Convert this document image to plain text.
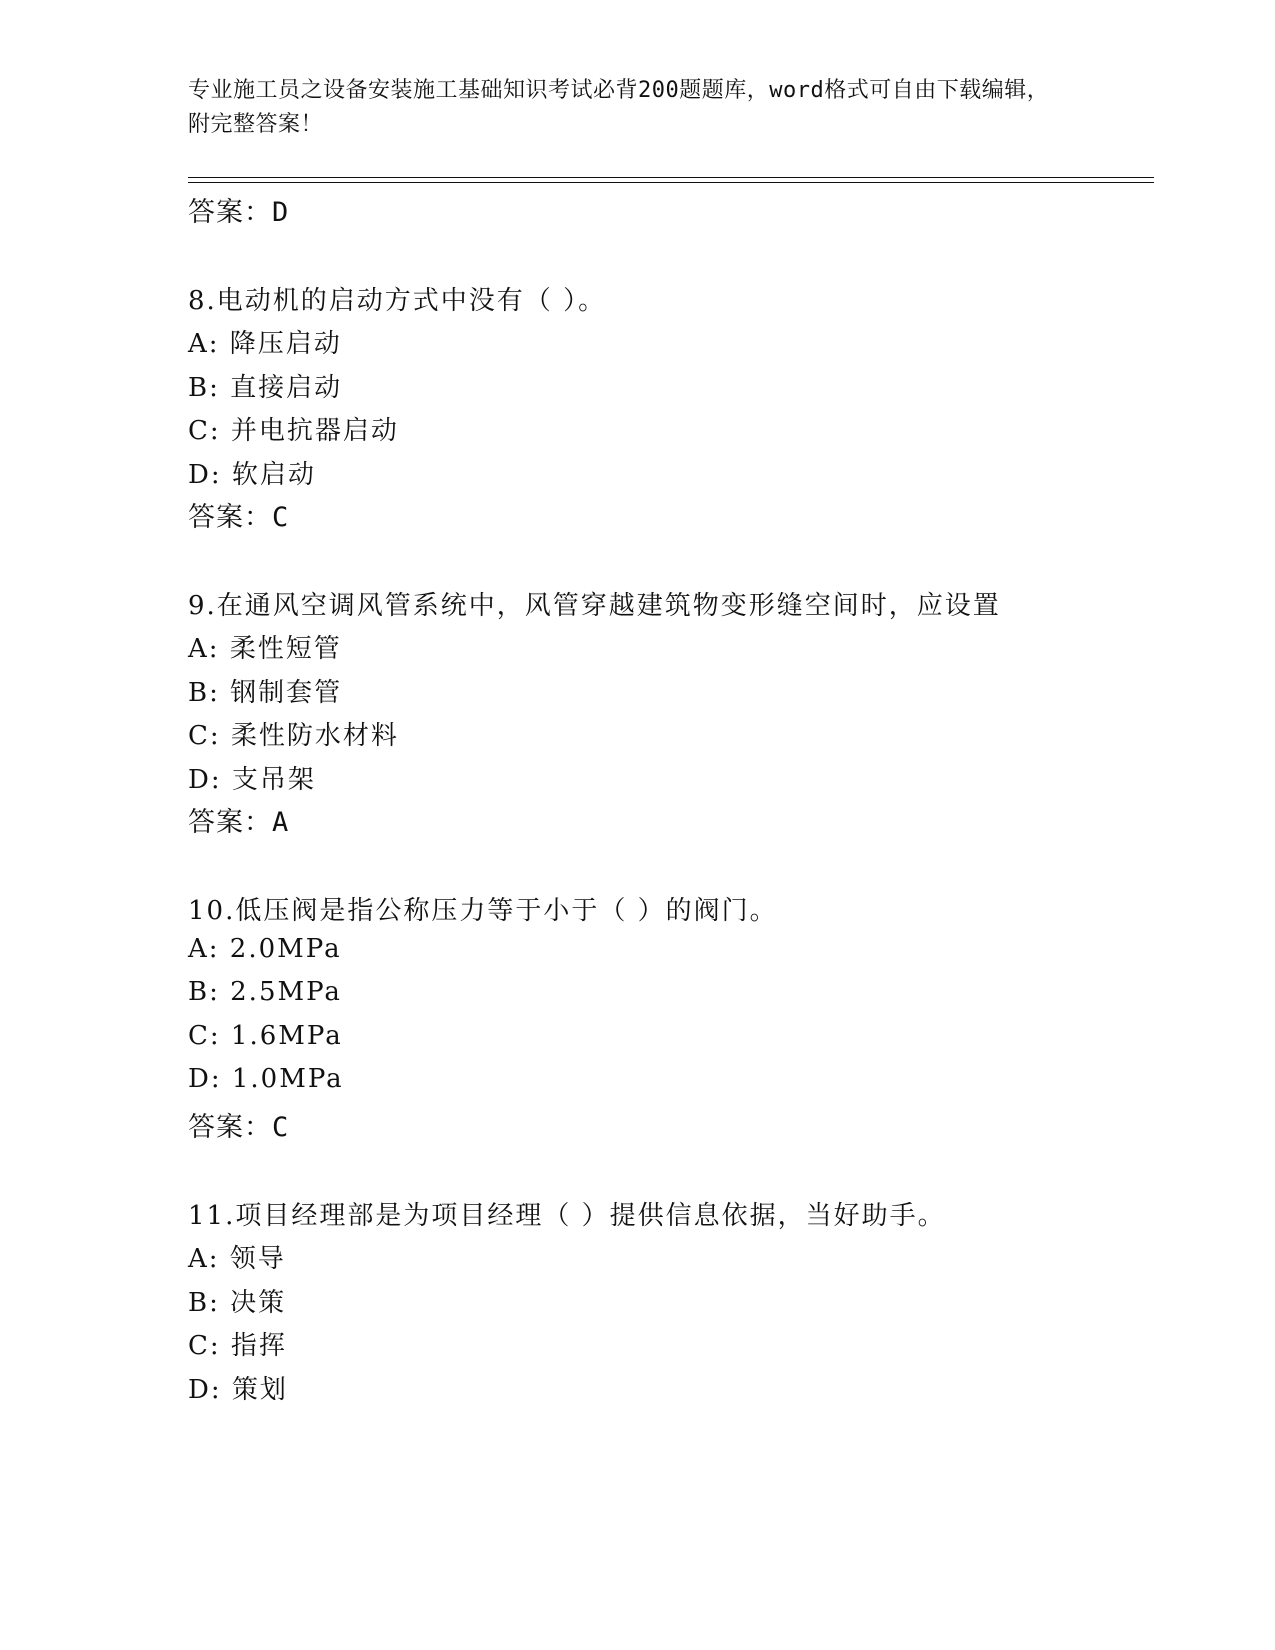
专业施工员之设备安装施工基础知识考试必背200题题库，word格式可自由下载编辑，附完整答案！
答案：D
8.电动机的启动方式中没有（ ）。
A: 降压启动
B: 直接启动
C: 并电抗器启动
D: 软启动
答案：C
9.在通风空调风管系统中，风管穿越建筑物变形缝空间时，应设置
A: 柔性短管
B: 钢制套管
C: 柔性防水材料
D: 支吊架
答案：A
10.低压阀是指公称压力等于小于（ ）的阀门。
A: 2.0MPa
B: 2.5MPa
C: 1.6MPa
D: 1.0MPa
答案：C
11.项目经理部是为项目经理（ ）提供信息依据，当好助手。
A: 领导
B: 决策
C: 指挥
D: 策划
